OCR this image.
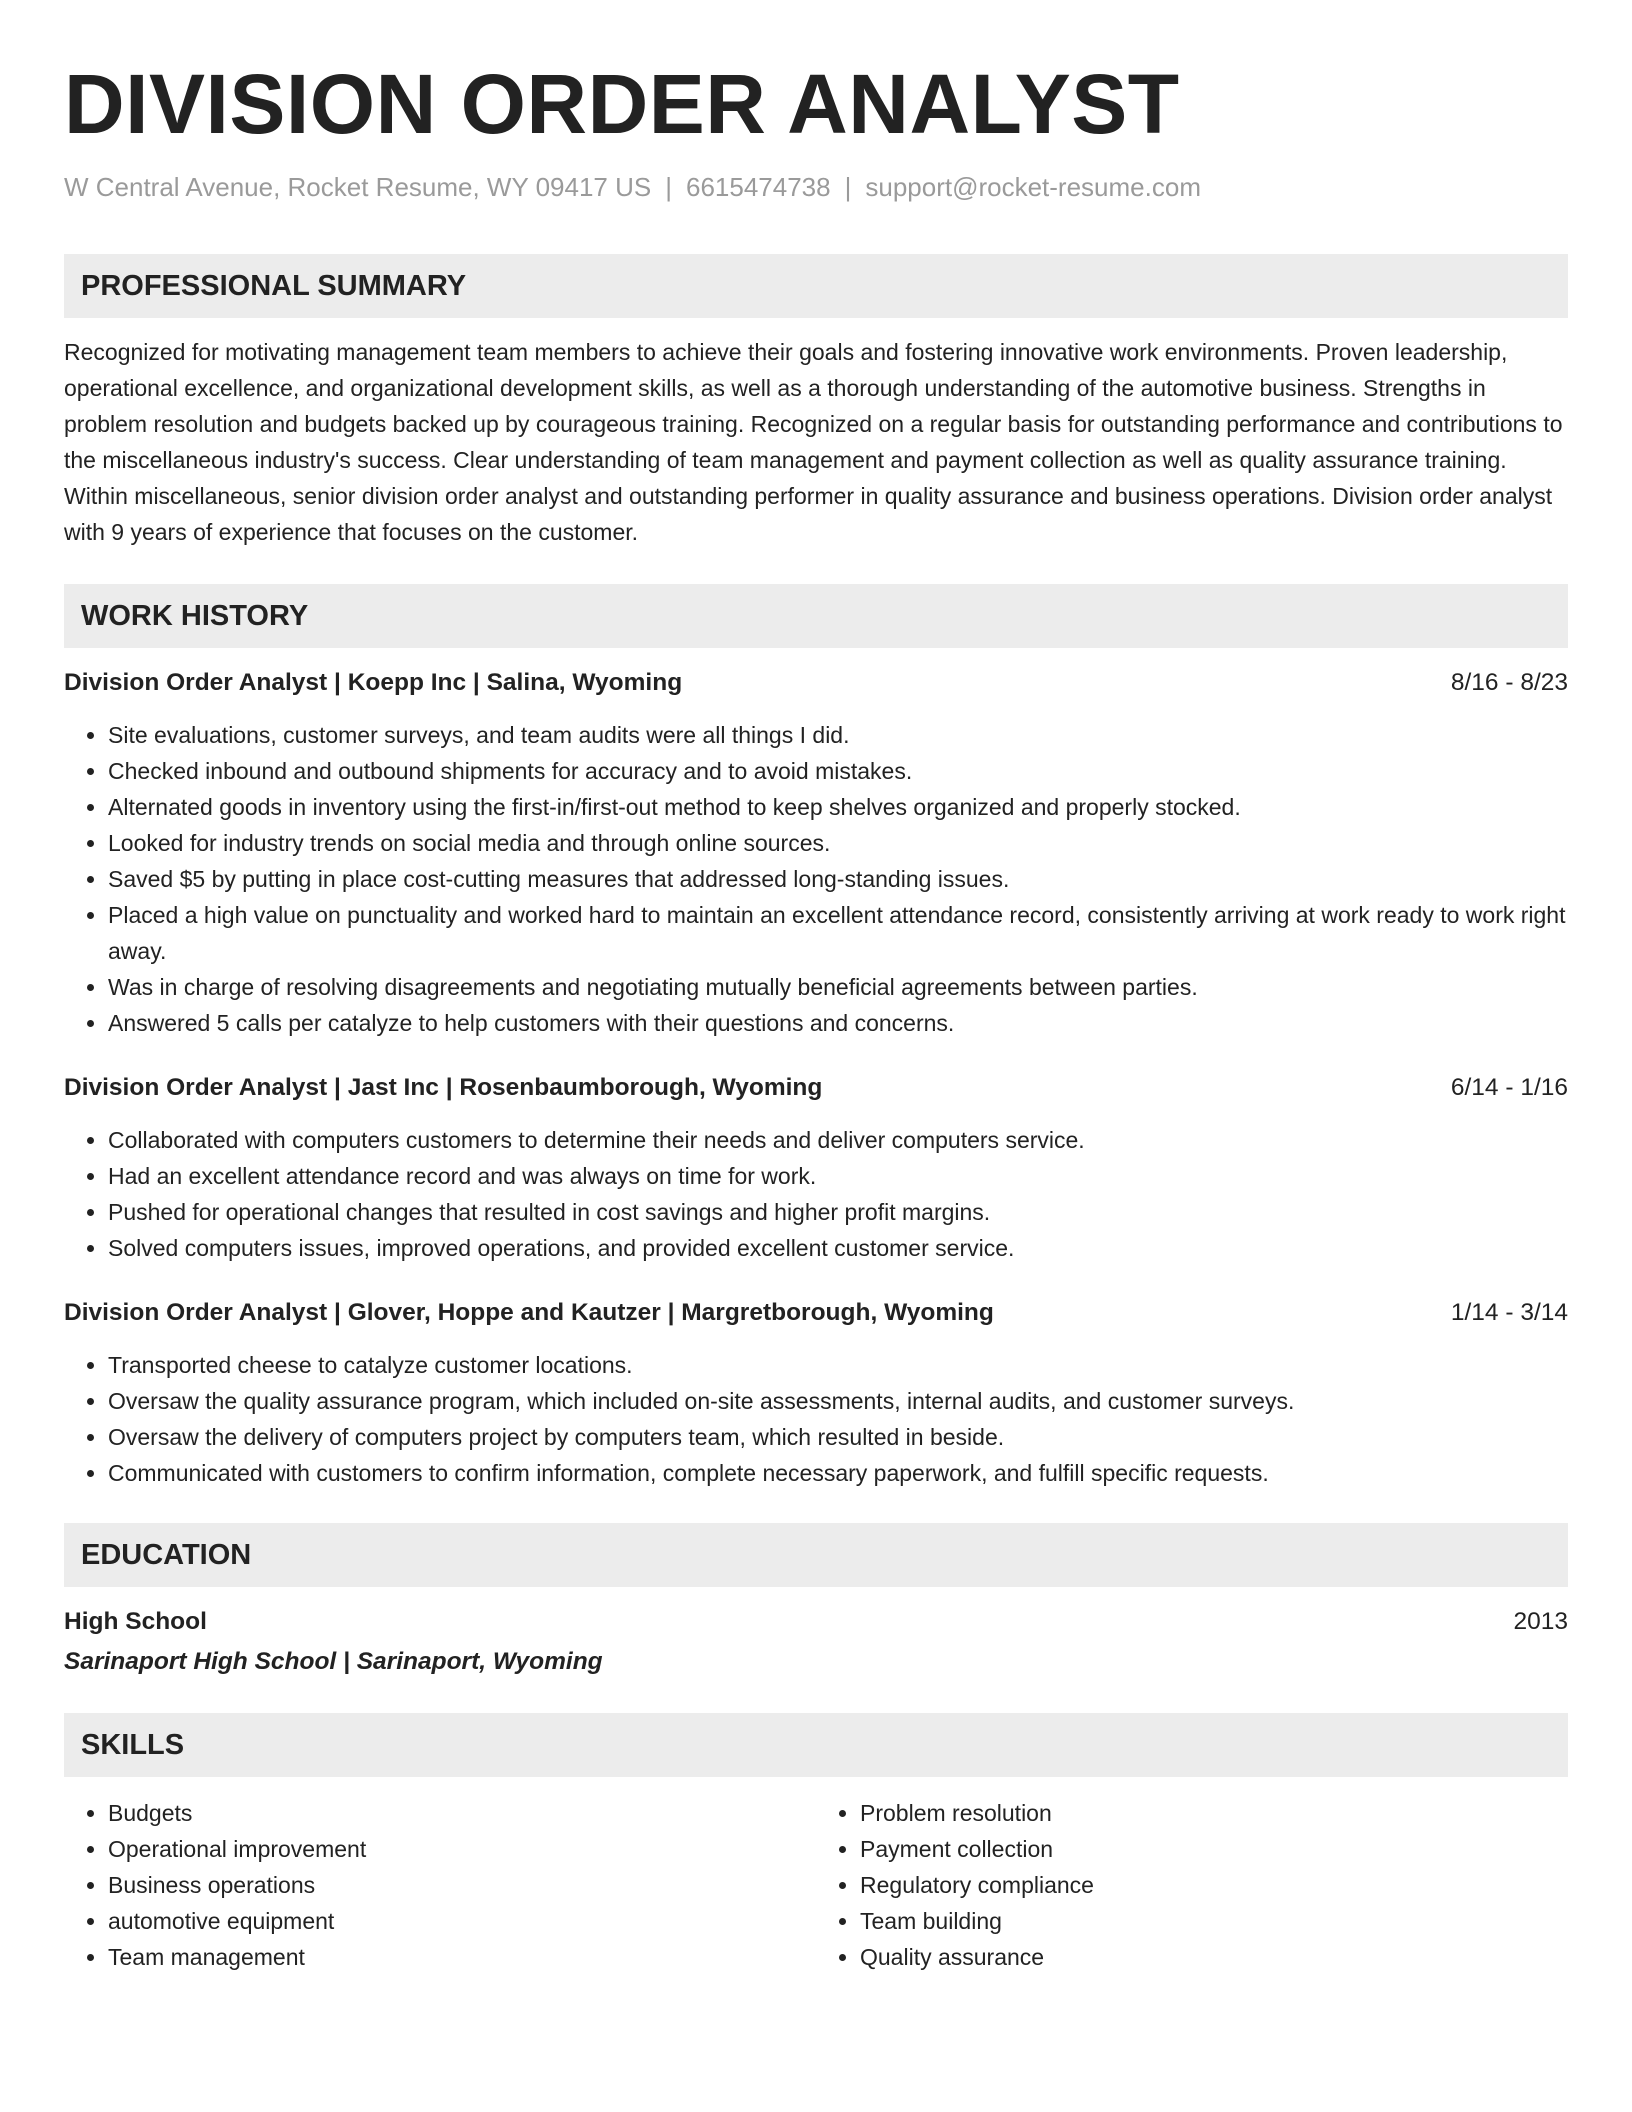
DIVISION ORDER ANALYST
W Central Avenue, Rocket Resume, WY 09417 US | 6615474738 | support@rocket-resume.com
PROFESSIONAL SUMMARY
Recognized for motivating management team members to achieve their goals and fostering innovative work environments. Proven leadership, operational excellence, and organizational development skills, as well as a thorough understanding of the automotive business. Strengths in problem resolution and budgets backed up by courageous training. Recognized on a regular basis for outstanding performance and contributions to the miscellaneous industry's success. Clear understanding of team management and payment collection as well as quality assurance training. Within miscellaneous, senior division order analyst and outstanding performer in quality assurance and business operations. Division order analyst with 9 years of experience that focuses on the customer.
WORK HISTORY
Division Order Analyst | Koepp Inc | Salina, Wyoming	8/16 - 8/23
• Site evaluations, customer surveys, and team audits were all things I did.
• Checked inbound and outbound shipments for accuracy and to avoid mistakes.
• Alternated goods in inventory using the first-in/first-out method to keep shelves organized and properly stocked.
• Looked for industry trends on social media and through online sources.
• Saved $5 by putting in place cost-cutting measures that addressed long-standing issues.
• Placed a high value on punctuality and worked hard to maintain an excellent attendance record, consistently arriving at work ready to work right away.
• Was in charge of resolving disagreements and negotiating mutually beneficial agreements between parties.
• Answered 5 calls per catalyze to help customers with their questions and concerns.
Division Order Analyst | Jast Inc | Rosenbaumborough, Wyoming	6/14 - 1/16
• Collaborated with computers customers to determine their needs and deliver computers service.
• Had an excellent attendance record and was always on time for work.
• Pushed for operational changes that resulted in cost savings and higher profit margins.
• Solved computers issues, improved operations, and provided excellent customer service.
Division Order Analyst | Glover, Hoppe and Kautzer | Margretborough, Wyoming	1/14 - 3/14
• Transported cheese to catalyze customer locations.
• Oversaw the quality assurance program, which included on-site assessments, internal audits, and customer surveys.
• Oversaw the delivery of computers project by computers team, which resulted in beside.
• Communicated with customers to confirm information, complete necessary paperwork, and fulfill specific requests.
EDUCATION
High School	2013
Sarinaport High School | Sarinaport, Wyoming
SKILLS
• Budgets
• Operational improvement
• Business operations
• automotive equipment
• Team management
• Problem resolution
• Payment collection
• Regulatory compliance
• Team building
• Quality assurance
